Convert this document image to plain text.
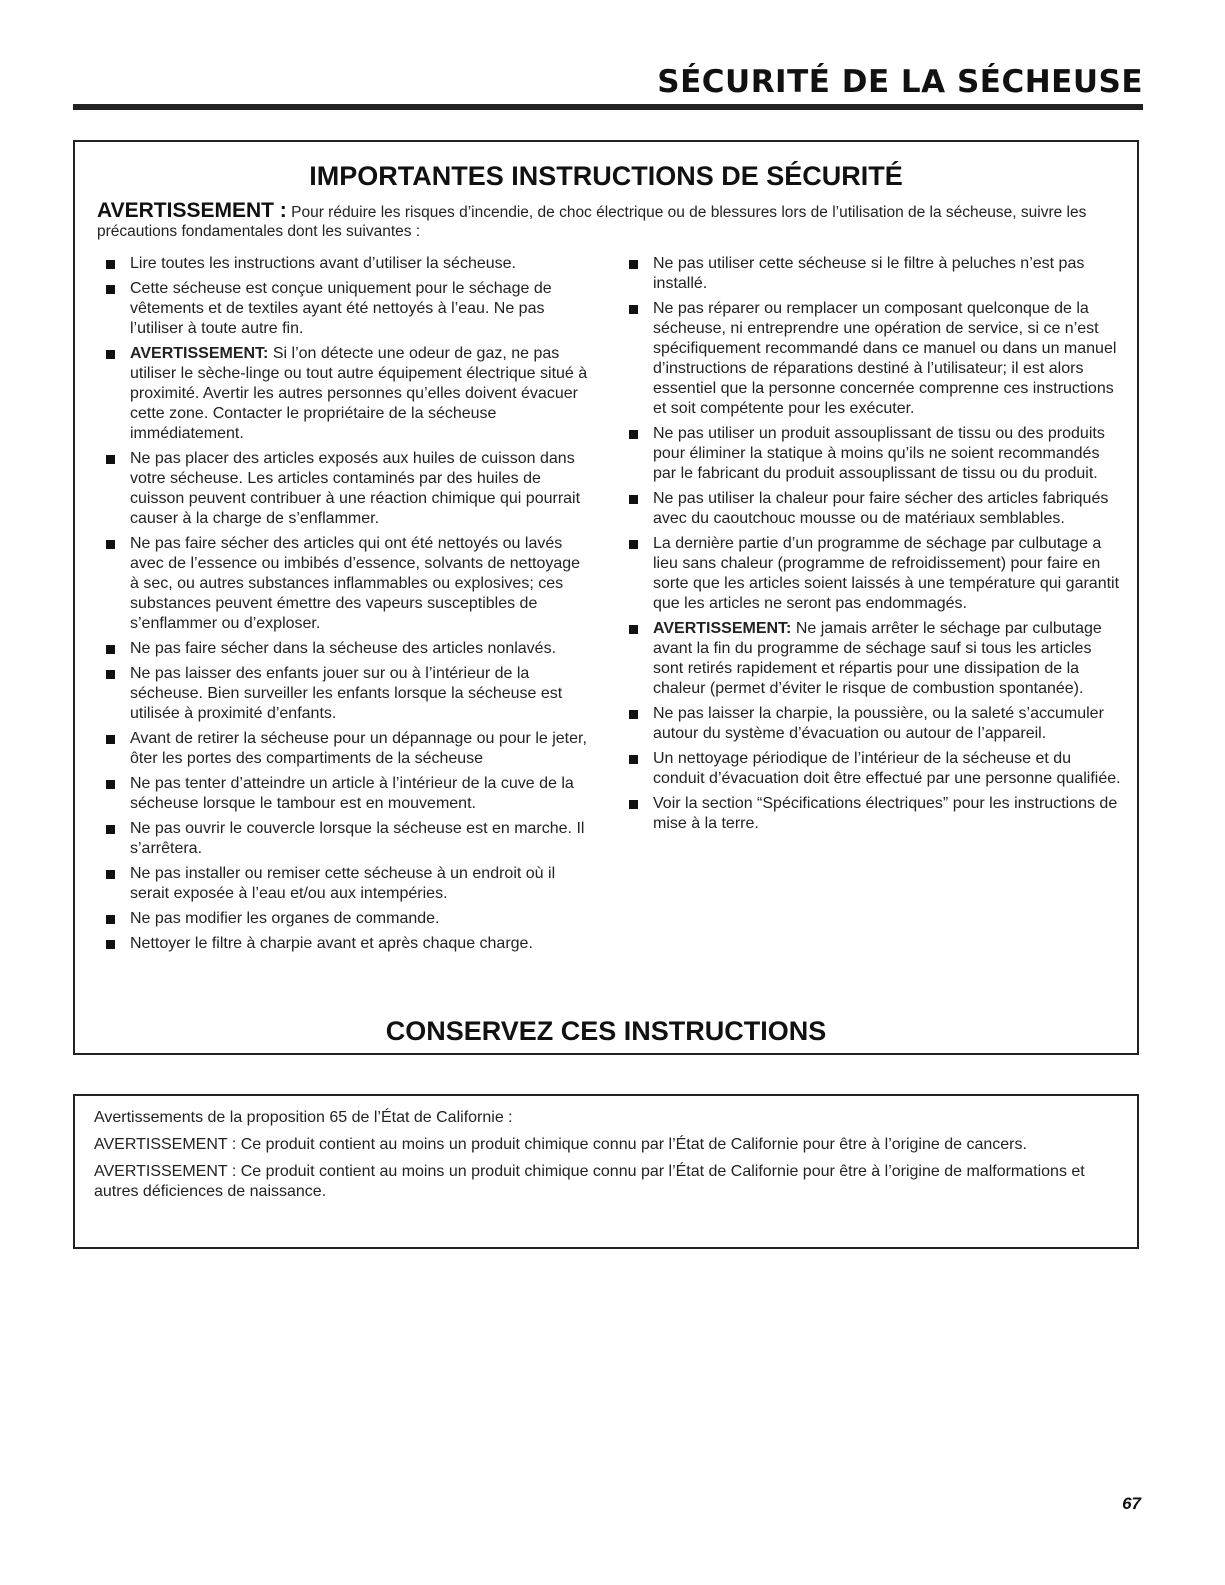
SÉCURITÉ DE LA SÉCHEUSE
IMPORTANTES INSTRUCTIONS DE SÉCURITÉ
AVERTISSEMENT : Pour réduire les risques d’incendie, de choc électrique ou de blessures lors de l’utilisation de la sécheuse, suivre les précautions fondamentales dont les suivantes :
Lire toutes les instructions avant d’utiliser la sécheuse.
Cette sécheuse est conçue uniquement pour le séchage de vêtements et de textiles ayant été nettoyés à l’eau. Ne pas l’utiliser à toute autre fin.
AVERTISSEMENT: Si l’on détecte une odeur de gaz, ne pas utiliser le sèche-linge ou tout autre équipement électrique situé à proximité. Avertir les autres personnes qu’elles doivent évacuer cette zone. Contacter le propriétaire de la sécheuse immédiatement.
Ne pas placer des articles exposés aux huiles de cuisson dans votre sécheuse. Les articles contaminés par des huiles de cuisson peuvent contribuer à une réaction chimique qui pourrait causer à la charge de s’enflammer.
Ne pas faire sécher des articles qui ont été nettoyés ou lavés avec de l’essence ou imbibés d’essence, solvants de nettoyage à sec, ou autres substances inflammables ou explosives; ces substances peuvent émettre des vapeurs susceptibles de s’enflammer ou d’exploser.
Ne pas faire sécher dans la sécheuse des articles nonlavés.
Ne pas laisser des enfants jouer sur ou à l’intérieur de la sécheuse. Bien surveiller les enfants lorsque la sécheuse est utilisée à proximité d’enfants.
Avant de retirer la sécheuse pour un dépannage ou pour le jeter, ôter les portes des compartiments de la sécheuse
Ne pas tenter d’atteindre un article à l’intérieur de la cuve de la sécheuse lorsque le tambour est en mouvement.
Ne pas ouvrir le couvercle lorsque la sécheuse est en marche. Il s’arrêtera.
Ne pas installer ou remiser cette sécheuse à un endroit où il serait exposée à l’eau et/ou aux intempéries.
Ne pas modifier les organes de commande.
Nettoyer le filtre à charpie avant et après chaque charge.
Ne pas utiliser cette sécheuse si le filtre à peluches n’est pas installé.
Ne pas réparer ou remplacer un composant quelconque de la sécheuse, ni entreprendre une opération de service, si ce n’est spécifiquement recommandé dans ce manuel ou dans un manuel d’instructions de réparations destiné à l’utilisateur; il est alors essentiel que la personne concernée comprenne ces instructions et soit compétente pour les exécuter.
Ne pas utiliser un produit assouplissant de tissu ou des produits pour éliminer la statique à moins qu’ils ne soient recommandés par le fabricant du produit assouplissant de tissu ou du produit.
Ne pas utiliser la chaleur pour faire sécher des articles fabriqués avec du caoutchouc mousse ou de matériaux semblables.
La dernière partie d’un programme de séchage par culbutage a lieu sans chaleur (programme de refroidissement) pour faire en sorte que les articles soient laissés à une température qui garantit que les articles ne seront pas endommagés.
AVERTISSEMENT: Ne jamais arrêter le séchage par culbutage avant la fin du programme de séchage sauf si tous les articles sont retirés rapidement et répartis pour une dissipation de la chaleur (permet d’éviter le risque de combustion spontanée).
Ne pas laisser la charpie, la poussière, ou la saleté s’accumuler autour du système d’évacuation ou autour de l’appareil.
Un nettoyage périodique de l’intérieur de la sécheuse et du conduit d’évacuation doit être effectué par une personne qualifiée.
Voir la section “Spécifications électriques” pour les instructions de mise à la terre.
CONSERVEZ CES INSTRUCTIONS

Avertissements de la proposition 65 de l’État de Californie :

AVERTISSEMENT : Ce produit contient au moins un produit chimique connu par l’État de Californie pour être à l’origine de cancers.

AVERTISSEMENT : Ce produit contient au moins un produit chimique connu par l’État de Californie pour être à l’origine de malformations et autres déficiences de naissance.

67
